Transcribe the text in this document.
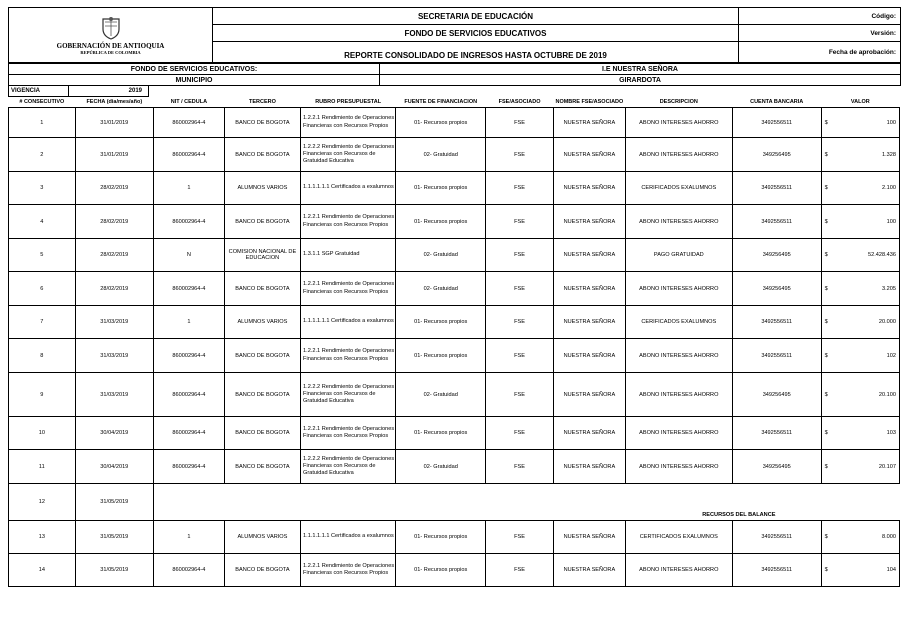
GOBERNACIÓN DE ANTIOQUIA
REPÚBLICA DE COLOMBIA	SECRETARIA DE EDUCACIÓN	Código:
	FONDO DE SERVICIOS EDUCATIVOS	Versión:
	REPORTE CONSOLIDADO DE INGRESOS HASTA OCTUBRE DE 2019	Fecha de aprobación:
FONDO DE SERVICIOS EDUCATIVOS:			I.E NUESTRA SEÑORA
MUNICIPIO			GIRARDOTA
VIGENCIA	2019		
# CONSECUTIVO	FECHA (dia/mes/año)	NIT / CEDULA	TERCERO	RUBRO PRESUPUESTAL	FUENTE DE FINANCIACION	FSE/ASOCIADO	NOMBRE FSE/ASOCIADO	DESCRIPCION	CUENTA BANCARIA	VALOR
1	31/01/2019	860002964-4	BANCO DE BOGOTA	1.2.2.1 Rendimiento de Operaciones Financieras con Recursos Propios	01- Recursos propios	FSE	NUESTRA SEÑORA	ABONO INTERESES AHORRO	3492556511	$ 100

2	31/01/2019	860002964-4	BANCO DE BOGOTA	1.2.2.2 Rendimiento de Operaciones Financieras con Recursos de Gratuidad Educativa	02- Gratuidad	FSE	NUESTRA SEÑORA	ABONO INTERESES AHORRO	349256495	$ 1.328

3	28/02/2019	1	ALUMNOS VARIOS	1.1.1.1.1.1 Certificados a exalumnos	01- Recursos propios	FSE	NUESTRA SEÑORA	CERIFICADOS EXALUMNOS	3492556511	$ 2.100

4	28/02/2019	860002964-4	BANCO DE BOGOTA	1.2.2.1 Rendimiento de Operaciones Financieras con Recursos Propios	01- Recursos propios	FSE	NUESTRA SEÑORA	ABONO INTERESES AHORRO	3492556511	$ 100

5	28/02/2019	N	COMISION NACIONAL DE EDUCACION	1.3.1.1 SGP Gratuidad	02- Gratuidad	FSE	NUESTRA SEÑORA	PAGO GRATUIDAD	349256495	$ 52.428.436

6	28/02/2019	860002964-4	BANCO DE BOGOTA	1.2.2.1 Rendimiento de Operaciones Financieras con Recursos Propios	02- Gratuidad	FSE	NUESTRA SEÑORA	ABONO INTERESES AHORRO	349256495	$ 3.205

7	31/03/2019	1	ALUMNOS VARIOS	1.1.1.1.1.1 Certificados a exalumnos	01- Recursos propios	FSE	NUESTRA SEÑORA	CERIFICADOS EXALUMNOS	3492556511	$ 20.000

8	31/03/2019	860002964-4	BANCO DE BOGOTA	1.2.2.1 Rendimiento de Operaciones Financieras con Recursos Propios	01- Recursos propios	FSE	NUESTRA SEÑORA	ABONO INTERESES AHORRO	3492556511	$ 102

9	31/03/2019	860002964-4	BANCO DE BOGOTA	1.2.2.2 Rendimiento de Operaciones Financieras con Recursos de Gratuidad Educativa	02- Gratuidad	FSE	NUESTRA SEÑORA	ABONO INTERESES AHORRO	349256495	$ 20.100

10	30/04/2019	860002964-4	BANCO DE BOGOTA	1.2.2.1 Rendimiento de Operaciones Financieras con Recursos Propios	01- Recursos propios	FSE	NUESTRA SEÑORA	ABONO INTERESES AHORRO	3492556511	$ 103

11	30/04/2019	860002964-4	BANCO DE BOGOTA	1.2.2.2 Rendimiento de Operaciones Financieras con Recursos de Gratuidad Educativa	02- Gratuidad	FSE	NUESTRA SEÑORA	ABONO INTERESES AHORRO	349256495	$ 20.107

12	31/05/2019	RECURSOS DEL BALANCE								
13	31/05/2019	1	ALUMNOS VARIOS	1.1.1.1.1.1 Certificados a exalumnos	01- Recursos propios	FSE	NUESTRA SEÑORA	CERTIFICADOS EXALUMNOS	3492556511	$ 8.000

14	31/05/2019	860002964-4	BANCO DE BOGOTA	1.2.2.1 Rendimiento de Operaciones Financieras con Recursos Propios	01- Recursos propios	FSE	NUESTRA SEÑORA	ABONO INTERESES AHORRO	3492556511	$ 104
